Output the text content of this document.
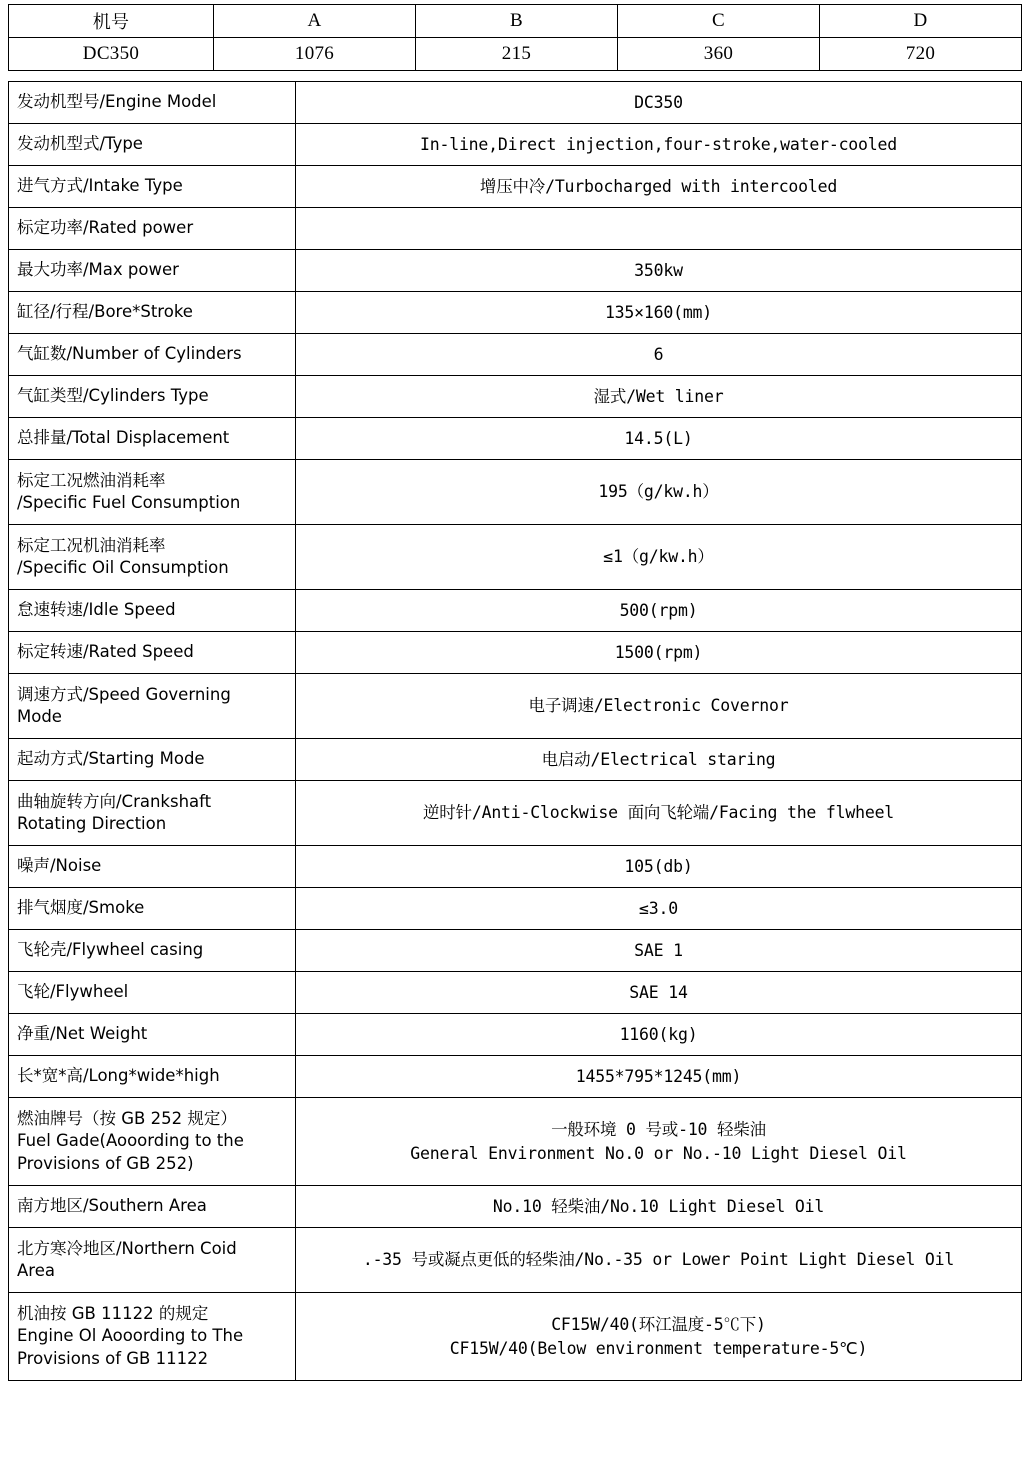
机号	A	B	C	D
DC350	1076	215	360	720
发动机型号/Engine Model	DC350

发动机型式/Type	In-line,Direct injection,four-stroke,water-cooled

进气方式/Intake Type	增压中冷/Turbocharged with intercooled

标定功率/Rated power	

最大功率/Max power	350kw

缸径/行程/Bore*Stroke	135×160(mm)

气缸数/Number of Cylinders	6

气缸类型/Cylinders Type	湿式/Wet liner

总排量/Total Displacement	14.5(L)

标定工况燃油消耗率
/Specific Fuel Consumption	195（g/kw.h）

标定工况机油消耗率
/Specific Oil Consumption	≤1（g/kw.h）

怠速转速/Idle Speed	500(rpm)

标定转速/Rated Speed	1500(rpm)

调速方式/Speed Governing
Mode	电子调速/Electronic Covernor

起动方式/Starting Mode	电启动/Electrical staring

曲轴旋转方向/Crankshaft
Rotating Direction	逆时针/Anti-Clockwise 面向飞轮端/Facing the flwheel

噪声/Noise	105(db)

排气烟度/Smoke	≤3.0

飞轮壳/Flywheel casing	SAE 1

飞轮/Flywheel	SAE 14

净重/Net Weight	1160(kg)

长*宽*高/Long*wide*high	1455*795*1245(mm)

燃油牌号（按 GB 252 规定）
Fuel Gade(Aooording to the
Provisions of GB 252)	一般环境 0 号或-10 轻柴油
General Environment No.0 or No.-10 Light Diesel Oil

南方地区/Southern Area	No.10 轻柴油/No.10 Light Diesel Oil

北方寒冷地区/Northern Coid
Area	.-35 号或凝点更低的轻柴油/No.-35 or Lower Point Light Diesel Oil

机油按 GB 11122 的规定
Engine Ol Aooording to The
Provisions of GB 11122	CF15W/40(环江温度-5℃下)
CF15W/40(Below environment temperature-5℃)
